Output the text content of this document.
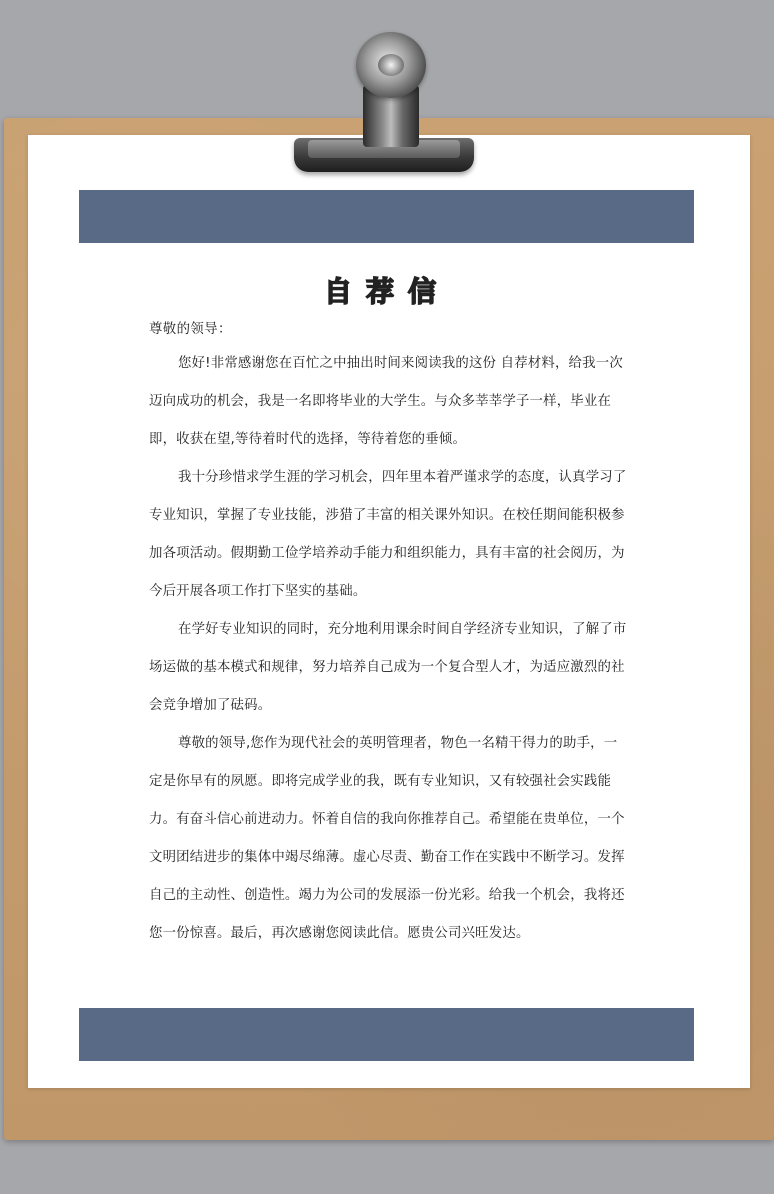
自荐信
尊敬的领导：

您好!非常感谢您在百忙之中抽出时间来阅读我的这份 自荐材料，给我一次迈向成功的机会，我是一名即将毕业的大学生。与众多莘莘学子一样，毕业在即，收获在望,等待着时代的选择，等待着您的垂倾。

我十分珍惜求学生涯的学习机会，四年里本着严谨求学的态度，认真学习了专业知识，掌握了专业技能，涉猎了丰富的相关课外知识。在校任期间能积极参加各项活动。假期勤工俭学培养动手能力和组织能力，具有丰富的社会阅历，为今后开展各项工作打下坚实的基础。

在学好专业知识的同时，充分地利用课余时间自学经济专业知识，了解了市场运做的基本模式和规律，努力培养自己成为一个复合型人才，为适应激烈的社会竞争增加了砝码。

尊敬的领导,您作为现代社会的英明管理者，物色一名精干得力的助手，一定是你早有的夙愿。即将完成学业的我，既有专业知识，又有较强社会实践能力。有奋斗信心前进动力。怀着自信的我向你推荐自己。希望能在贵单位，一个文明团结进步的集体中竭尽绵薄。虚心尽责、勤奋工作在实践中不断学习。发挥自己的主动性、创造性。竭力为公司的发展添一份光彩。给我一个机会，我将还您一份惊喜。最后，再次感谢您阅读此信。愿贵公司兴旺发达。
